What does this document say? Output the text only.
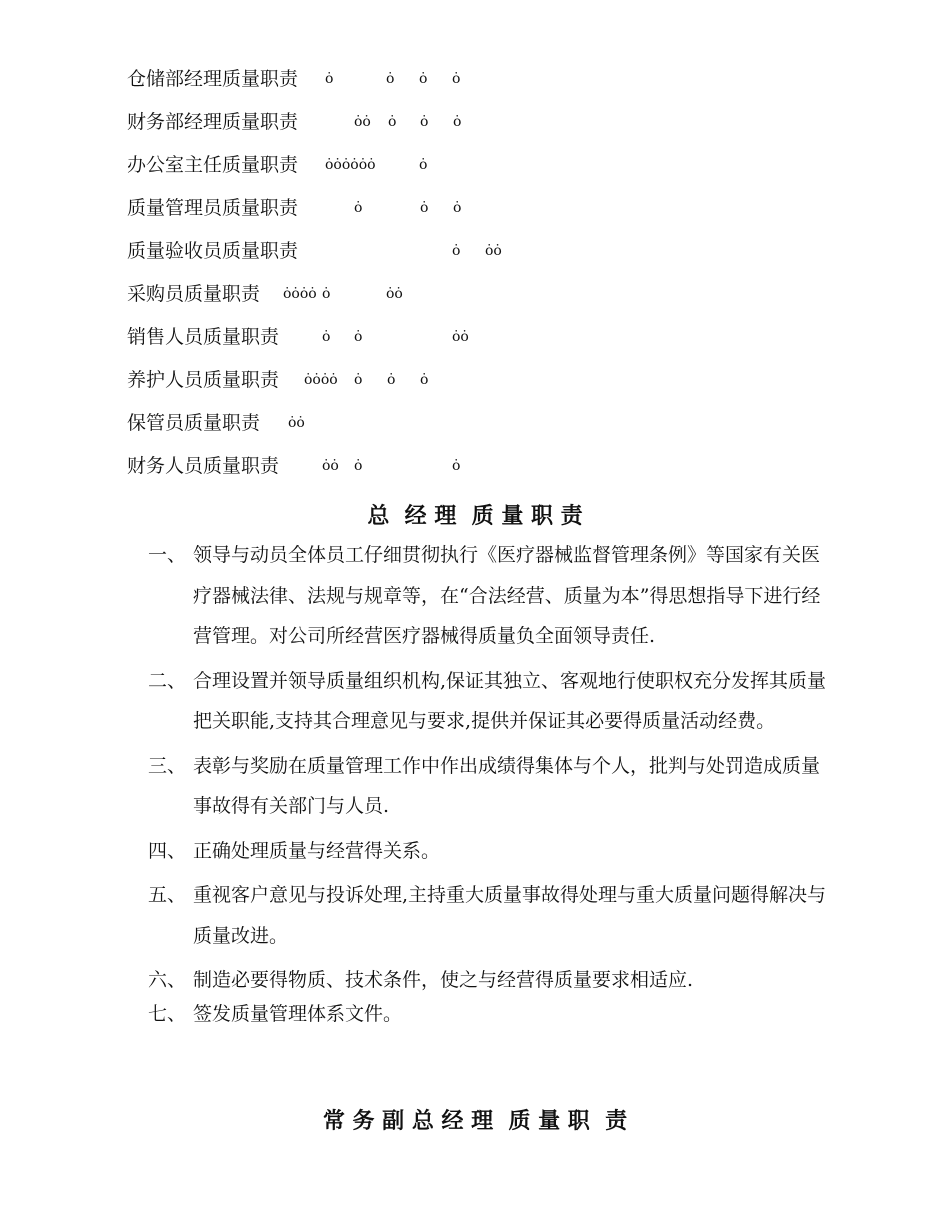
仓储部经理质量职责 ȯ	ȯ ȯ ȯ
财务部经理质量职责	ȯȯ ȯ ȯ ȯ
办公室主任质量职责 ȯȯȯȯȯȯ	ȯ
质量管理员质量职责	ȯ	ȯ ȯ
质量验收员质量职责	ȯ ȯȯ
采购员质量职责 ȯȯȯȯ ȯ	ȯȯ
销售人员质量职责	ȯ ȯ	ȯȯ
养护人员质量职责 ȯȯȯȯ ȯ ȯ ȯ
保管员质量职责 ȯȯ
财务人员质量职责	ȯȯ ȯ	ȯ
总  经 理  质 量 职 责
一、 领导与动员全体员工仔细贯彻执行《医疗器械监督管理条例》等国家有关医疗器械法律、法规与规章等，在“合法经营、质量为本”得思想指导下进行经营管理。对公司所经营医疗器械得质量负全面领导责任.
二、 合理设置并领导质量组织机构,保证其独立、客观地行使职权充分发挥其质量把关职能,支持其合理意见与要求,提供并保证其必要得质量活动经费。
三、 表彰与奖励在质量管理工作中作出成绩得集体与个人，批判与处罚造成质量事故得有关部门与人员.
四、 正确处理质量与经营得关系。
五、 重视客户意见与投诉处理,主持重大质量事故得处理与重大质量问题得解决与质量改进。
六、 制造必要得物质、技术条件，使之与经营得质量要求相适应.
七、 签发质量管理体系文件。
常 务 副 总 经 理  质 量 职  责
